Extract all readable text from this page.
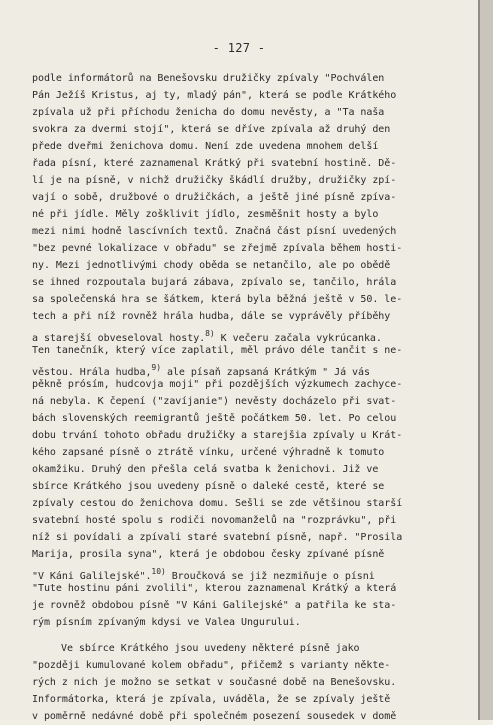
- 127 -
podle informátorů na Benešovsku družičky zpívaly "Pochválen
Pán Ježíš Kristus, aj ty, mladý pán", která se podle Krátkého
zpívala už při příchodu ženicha do domu nevěsty, a "Ta naša
svokra za dvermi stojí", která se dříve zpívala až druhý den
přede dveřmi ženichova domu. Není zde uvedena mnohem delší
řada písní, které zaznamenal Krátký při svatební hostině. Dě-
lí je na písně, v nichž družičky škádlí družby, družičky zpí-
vají o sobě, družbové o družičkách, a ještě jiné písně zpíva-
né při jídle. Měly zošklivit jídlo, zesměšnit hosty a bylo
mezi nimi hodně lascívních textů. Značná část písní uvedených
"bez pevné lokalizace v obřadu" se zřejmě zpívala během hosti-
ny. Mezi jednotlivými chody oběda se netančilo, ale po obědě
se ihned rozpoutala bujará zábava, zpívalo se, tančilo, hrála
sa společenská hra se šátkem, která byla běžná ještě v 50. le-
tech a při níž rovněž hrála hudba, dále se vyprávěly příběhy
a starejší obveseloval hosty.$^{8)}$ K večeru začala vykrúcanka.
Ten tanečník, který více zaplatil, měl právo déle tančit s ne-
věstou. Hrála hudba,$^{9)}$ ale písaň zapsaná Krátkým " Já vás
pěkně prósím, hudcovja moji" při pozdějších výzkumech zachyce-
ná nebyla. K čepení ("zavíjanie") nevěsty docházelo při svat-
bách slovenských reemigrantů ještě počátkem 50. let. Po celou
dobu trvání tohoto obřadu družičky a starejšia zpívaly u Krát-
kého zapsané písně o ztrátě vínku, určené výhradně k tomuto
okamžiku. Druhý den přešla celá svatba k ženichovi. Již ve
sbírce Krátkého jsou uvedeny písně o daleké cestě, které se
zpívaly cestou do ženichova domu. Sešli se zde většinou starší
svatební hosté spolu s rodiči novomanželů na "rozprávku", při
níž si povídali a zpívali staré svatební písně, např. "Prosila
Marija, prosila syna", která je obdobou česky zpívané písně
"V Káni Galilejské".$^{10)}$ Broučková se již nezmiňuje o písni
"Tute hostinu páni zvolili", kterou zaznamenal Krátký a která
je rovněž obdobou písně "V Káni Galilejské" a patřila ke sta-
rým písním zpívaným kdysi ve Valea Ungurului.
Ve sbírce Krátkého jsou uvedeny některé písně jako
"později kumulované kolem obřadu", přičemž s varianty někte-
rých z nich je možno se setkat v současné době na Benešovsku.
Informátorka, která je zpívala, uváděla, že se zpívaly ještě
v poměrně nedávné době při společném posezení sousedek v domě
